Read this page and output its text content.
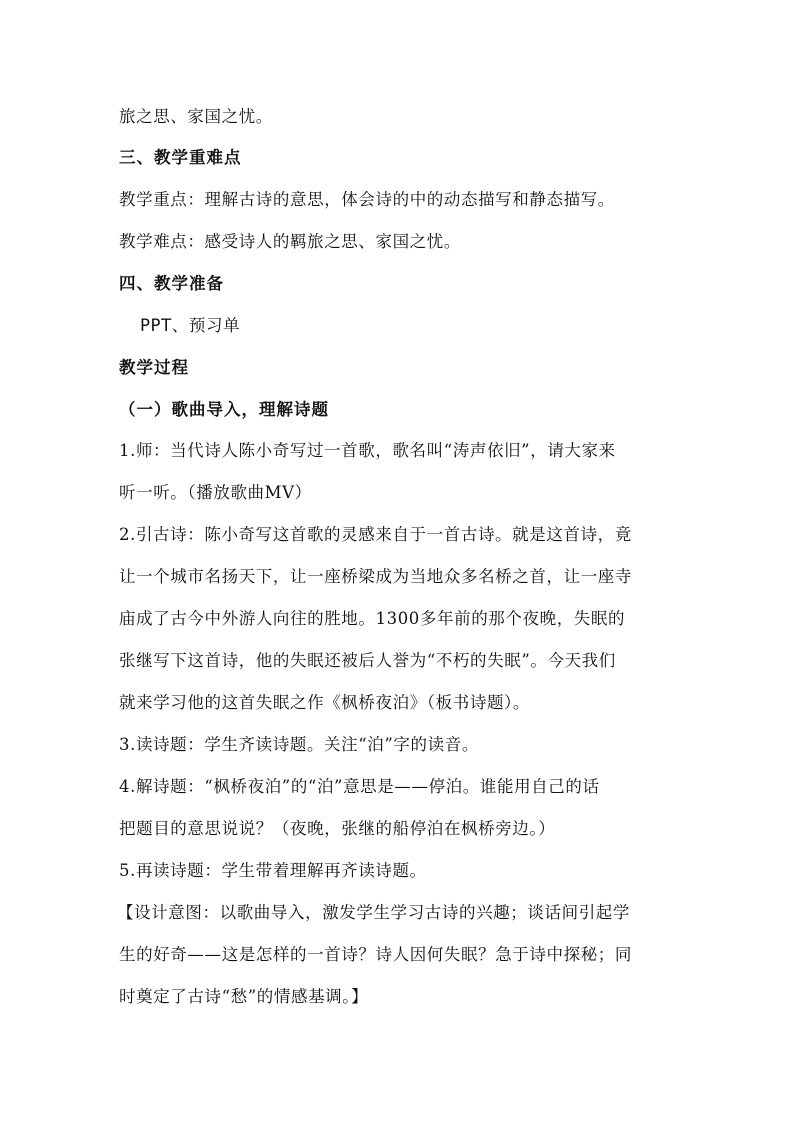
旅之思、家国之忧。
三、教学重难点
教学重点：理解古诗的意思，体会诗的中的动态描写和静态描写。
教学难点：感受诗人的羁旅之思、家国之忧。
四、教学准备
PPT、预习单
教学过程
（一）歌曲导入，理解诗题
1.师：当代诗人陈小奇写过一首歌，歌名叫“涛声依旧”，请大家来
听一听。（播放歌曲MV）
2.引古诗：陈小奇写这首歌的灵感来自于一首古诗。就是这首诗，竟
让一个城市名扬天下，让一座桥梁成为当地众多名桥之首，让一座寺
庙成了古今中外游人向往的胜地。1300多年前的那个夜晚，失眠的
张继写下这首诗，他的失眠还被后人誉为“不朽的失眠”。今天我们
就来学习他的这首失眠之作《枫桥夜泊》（板书诗题）。
3.读诗题：学生齐读诗题。关注“泊”字的读音。
4.解诗题：“枫桥夜泊”的“泊”意思是——停泊。谁能用自己的话
把题目的意思说说？（夜晚，张继的船停泊在枫桥旁边。）
5.再读诗题：学生带着理解再齐读诗题。
【设计意图：以歌曲导入，激发学生学习古诗的兴趣；谈话间引起学
生的好奇——这是怎样的一首诗？诗人因何失眠？急于诗中探秘；同
时奠定了古诗“愁”的情感基调。】
